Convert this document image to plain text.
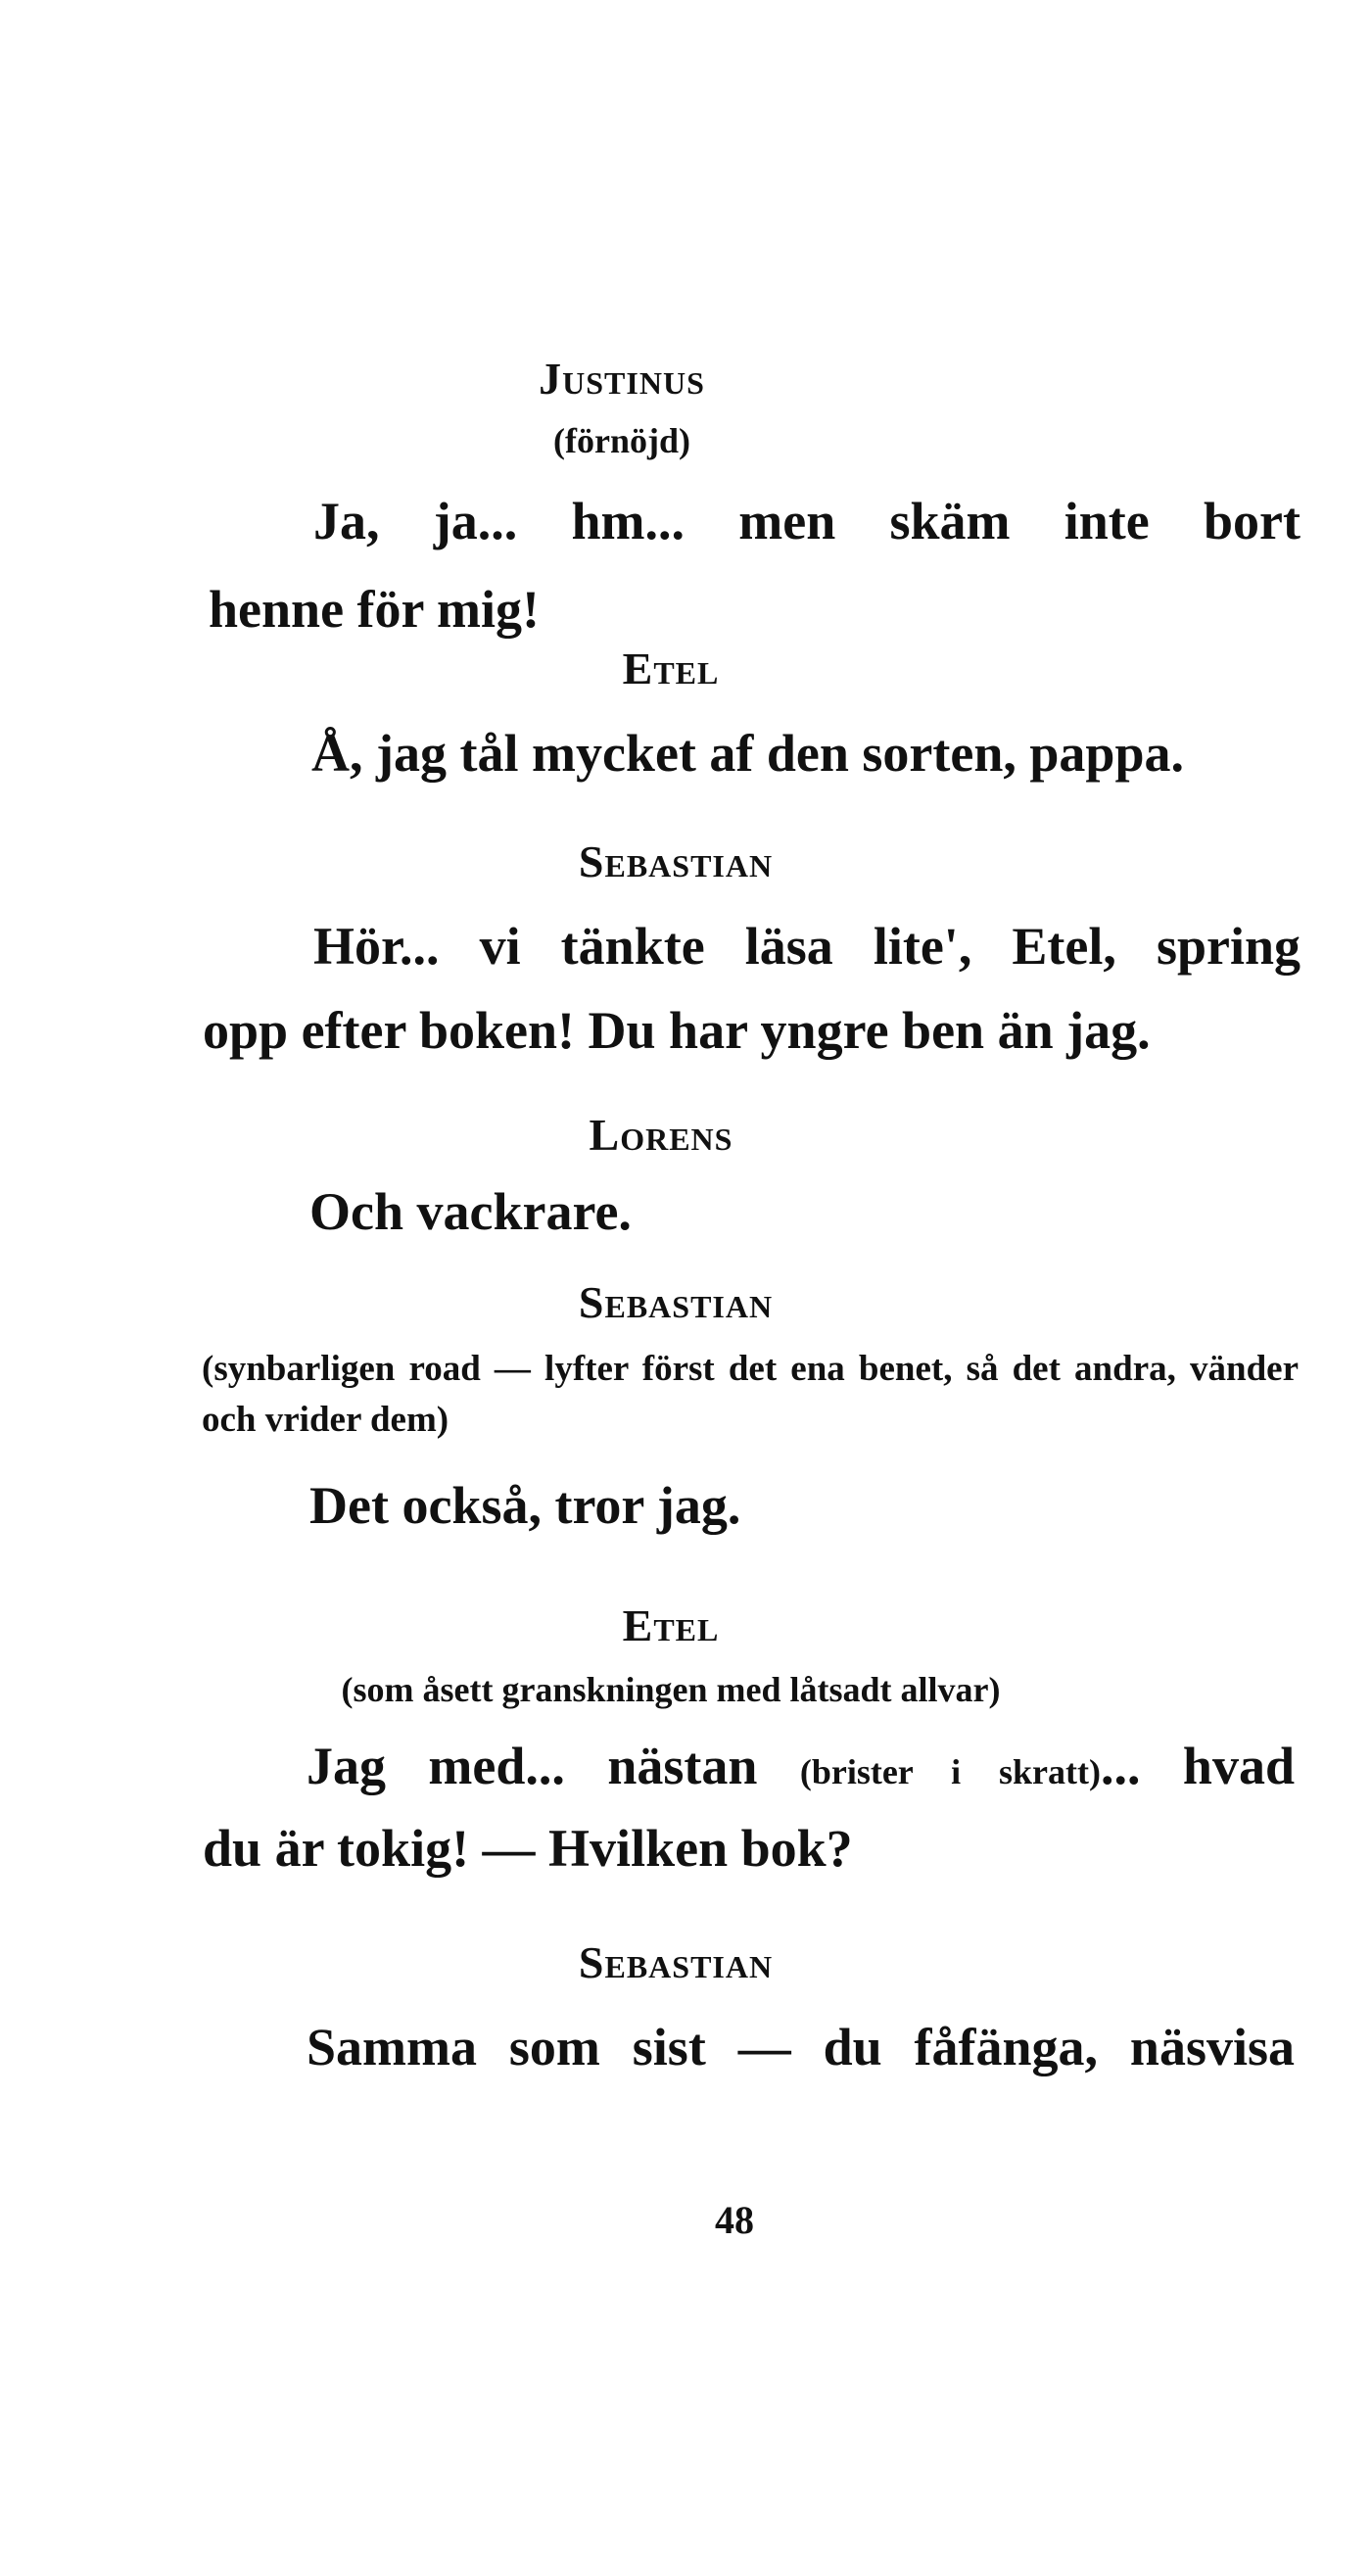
Justinus
(förnöjd)
Ja, ja... hm... men skäm inte bort
henne för mig!
Etel
Å, jag tål mycket af den sorten, pappa.
Sebastian
Hör... vi tänkte läsa lite', Etel, spring
opp efter boken! Du har yngre ben än jag.
Lorens
Och vackrare.
Sebastian
(synbarligen road — lyfter först det ena benet, så det andra, vänder och vrider dem)
Det också, tror jag.
Etel
(som åsett granskningen med låtsadt allvar)
Jag med... nästan (brister i skratt)... hvad
du är tokig! — Hvilken bok?
Sebastian
Samma som sist — du fåfänga, näsvisa
48
